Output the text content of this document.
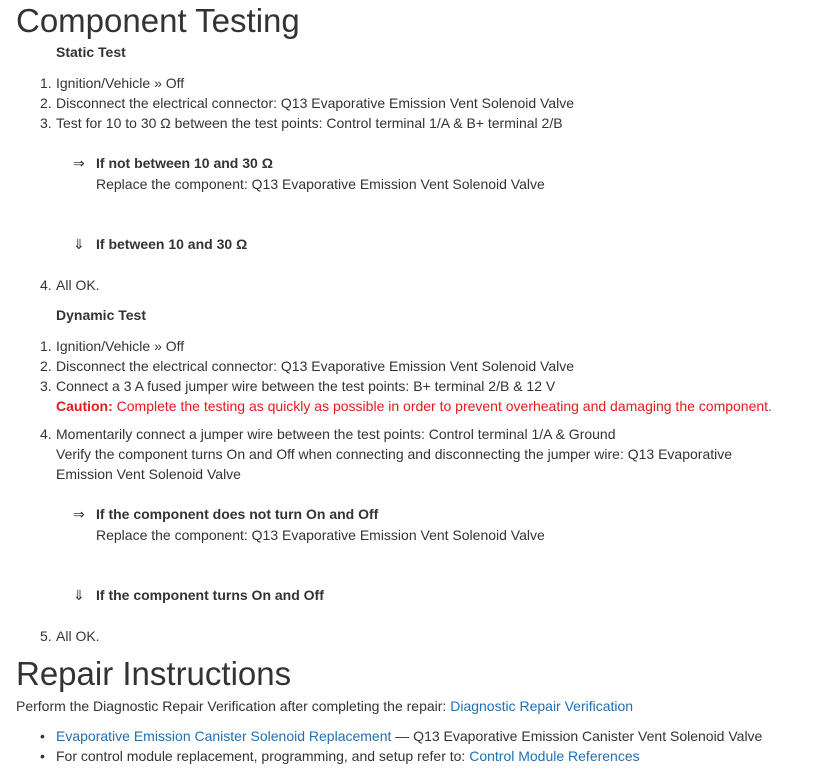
Component Testing
Static Test
1. Ignition/Vehicle » Off
2. Disconnect the electrical connector: Q13 Evaporative Emission Vent Solenoid Valve
3. Test for 10 to 30 Ω between the test points: Control terminal 1/A & B+ terminal 2/B
⇒ If not between 10 and 30 Ω
Replace the component: Q13 Evaporative Emission Vent Solenoid Valve
⇓ If between 10 and 30 Ω
4. All OK.
Dynamic Test
1. Ignition/Vehicle » Off
2. Disconnect the electrical connector: Q13 Evaporative Emission Vent Solenoid Valve
3. Connect a 3 A fused jumper wire between the test points: B+ terminal 2/B & 12 V
Caution: Complete the testing as quickly as possible in order to prevent overheating and damaging the component.
4. Momentarily connect a jumper wire between the test points: Control terminal 1/A & Ground
Verify the component turns On and Off when connecting and disconnecting the jumper wire: Q13 Evaporative
Emission Vent Solenoid Valve
⇒ If the component does not turn On and Off
Replace the component: Q13 Evaporative Emission Vent Solenoid Valve
⇓ If the component turns On and Off
5. All OK.
Repair Instructions
Perform the Diagnostic Repair Verification after completing the repair: Diagnostic Repair Verification
• Evaporative Emission Canister Solenoid Replacement — Q13 Evaporative Emission Canister Vent Solenoid Valve
• For control module replacement, programming, and setup refer to: Control Module References
